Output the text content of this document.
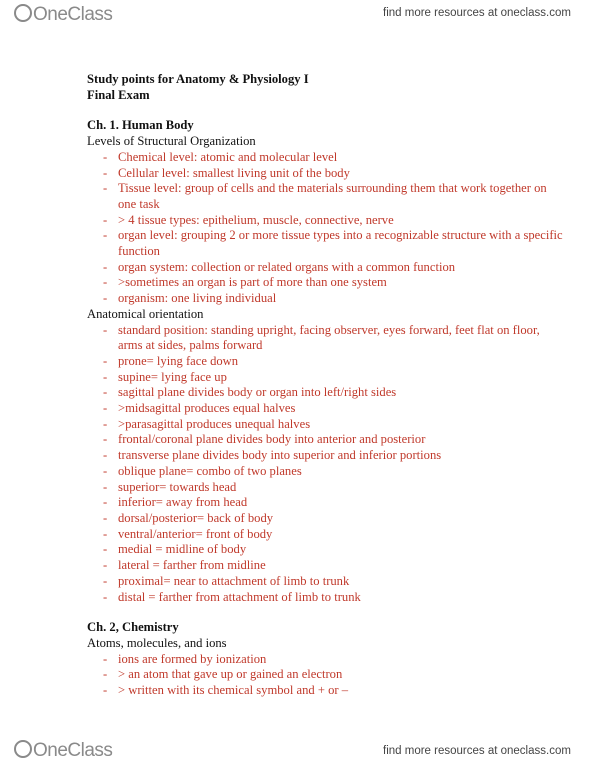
OneClass	find more resources at oneclass.com
Study points for Anatomy & Physiology I
Final Exam
Ch. 1. Human Body
Levels of Structural Organization
- Chemical level: atomic and molecular level
- Cellular level: smallest living unit of the body
- Tissue level: group of cells and the materials surrounding them that work together on one task
- > 4 tissue types: epithelium, muscle, connective, nerve
- organ level: grouping 2 or more tissue types into a recognizable structure with a specific function
- organ system: collection or related organs with a common function
- >sometimes an organ is part of more than one system
- organism: one living individual
Anatomical orientation
- standard position: standing upright, facing observer, eyes forward, feet flat on floor, arms at sides, palms forward
- prone= lying face down
- supine= lying face up
- sagittal plane divides body or organ into left/right sides
- >midsagittal produces equal halves
- >parasagittal produces unequal halves
- frontal/coronal plane divides body into anterior and posterior
- transverse plane divides body into superior and inferior portions
- oblique plane= combo of two planes
- superior= towards head
- inferior= away from head
- dorsal/posterior= back of body
- ventral/anterior= front of body
- medial = midline of body
- lateral = farther from midline
- proximal= near to attachment of limb to trunk
- distal = farther from attachment of limb to trunk
Ch. 2, Chemistry
Atoms, molecules, and ions
- ions are formed by ionization
- > an atom that gave up or gained an electron
- > written with its chemical symbol and + or –
OneClass	find more resources at oneclass.com
